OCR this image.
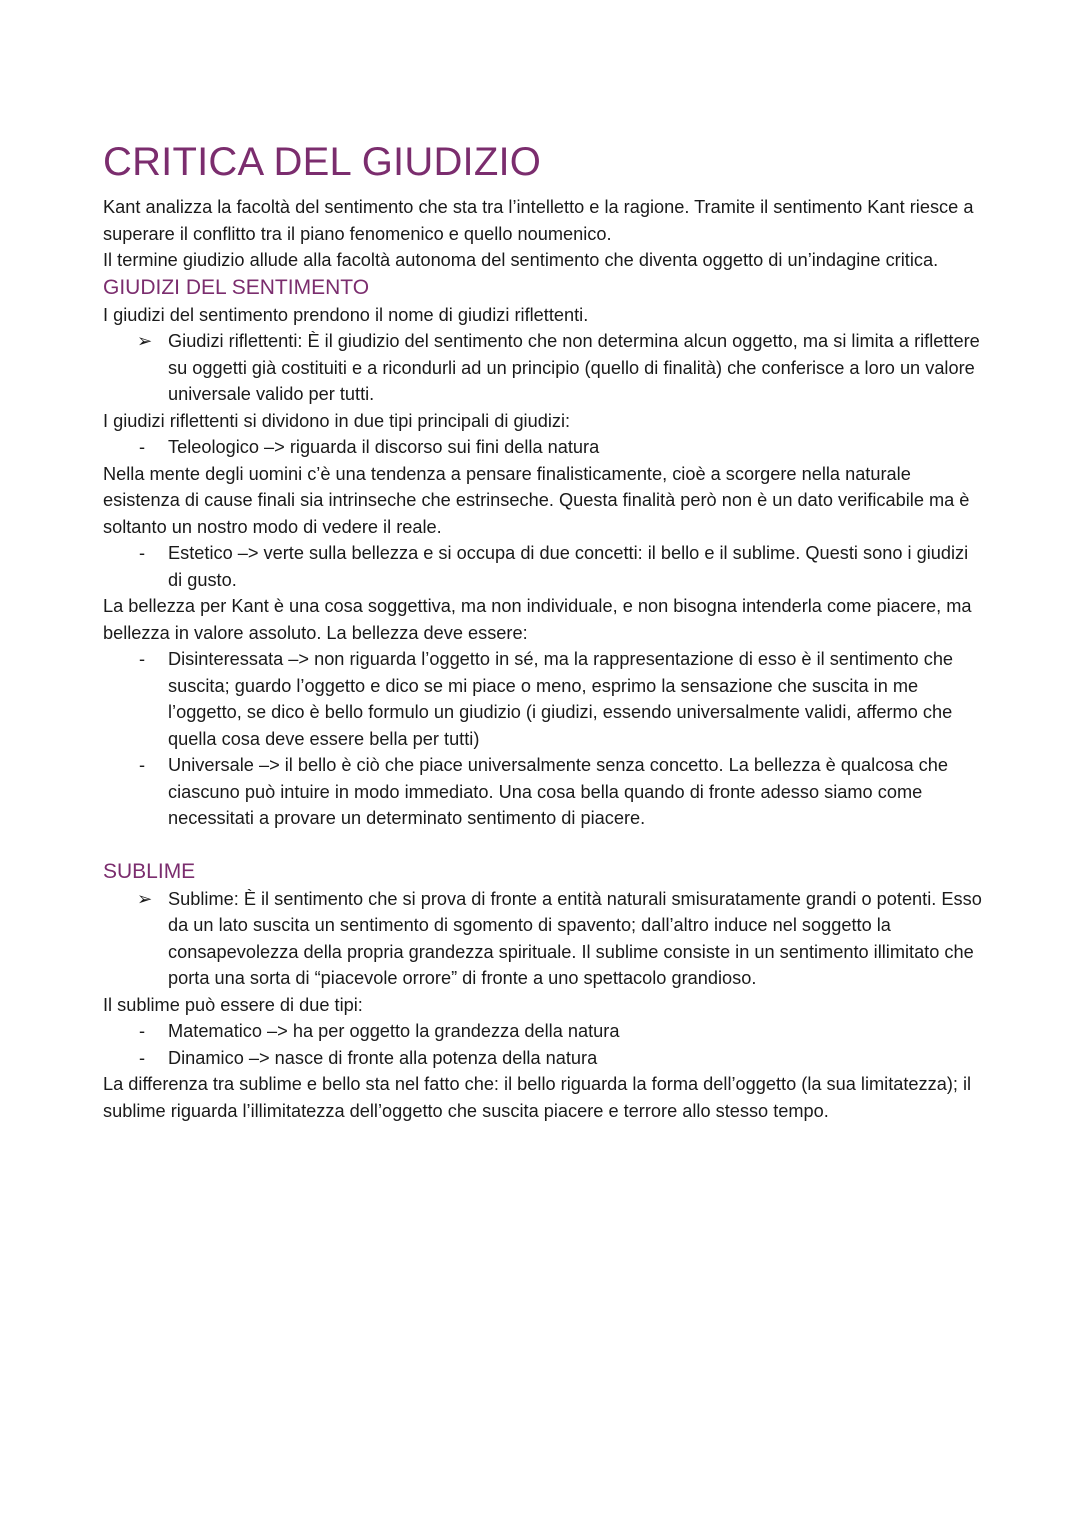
CRITICA DEL GIUDIZIO

Kant analizza la facoltà del sentimento che sta tra l’intelletto e la ragione. Tramite il sentimento Kant riesce a superare il conflitto tra il piano fenomenico e quello noumenico.

Il termine giudizio allude alla facoltà autonoma del sentimento che diventa oggetto di un’indagine critica.

GIUDIZI DEL SENTIMENTO

I giudizi del sentimento prendono il nome di giudizi riflettenti.

➢ Giudizi riflettenti: È il giudizio del sentimento che non determina alcun oggetto, ma si limita a riflettere su oggetti già costituiti e a ricondurli ad un principio (quello di finalità) che conferisce a loro un valore universale valido per tutti.

I giudizi riflettenti si dividono in due tipi principali di giudizi:

- Teleologico –> riguarda il discorso sui fini della natura

Nella mente degli uomini c’è una tendenza a pensare finalisticamente, cioè a scorgere nella naturale esistenza di cause finali sia intrinseche che estrinseche. Questa finalità però non è un dato verificabile ma è soltanto un nostro modo di vedere il reale.

- Estetico –> verte sulla bellezza e si occupa di due concetti: il bello e il sublime. Questi sono i giudizi di gusto.

La bellezza per Kant è una cosa soggettiva, ma non individuale, e non bisogna intenderla come piacere, ma bellezza in valore assoluto. La bellezza deve essere:

- Disinteressata –> non riguarda l’oggetto in sé, ma la rappresentazione di esso è il sentimento che suscita; guardo l’oggetto e dico se mi piace o meno, esprimo la sensazione che suscita in me l’oggetto, se dico è bello formulo un giudizio (i giudizi, essendo universalmente validi, affermo che quella cosa deve essere bella per tutti)
- Universale –> il bello è ciò che piace universalmente senza concetto. La bellezza è qualcosa che ciascuno può intuire in modo immediato. Una cosa bella quando di fronte adesso siamo come necessitati a provare un determinato sentimento di piacere.
SUBLIME
➢ Sublime: È il sentimento che si prova di fronte a entità naturali smisuratamente grandi o potenti. Esso da un lato suscita un sentimento di sgomento di spavento; dall’altro induce nel soggetto la consapevolezza della propria grandezza spirituale. Il sublime consiste in un sentimento illimitato che porta una sorta di “piacevole orrore” di fronte a uno spettacolo grandioso.

Il sublime può essere di due tipi:

- Matematico –> ha per oggetto la grandezza della natura
- Dinamico –> nasce di fronte alla potenza della natura

La differenza tra sublime e bello sta nel fatto che: il bello riguarda la forma dell’oggetto (la sua limitatezza); il sublime riguarda l’illimitatezza dell’oggetto che suscita piacere e terrore allo stesso tempo.
